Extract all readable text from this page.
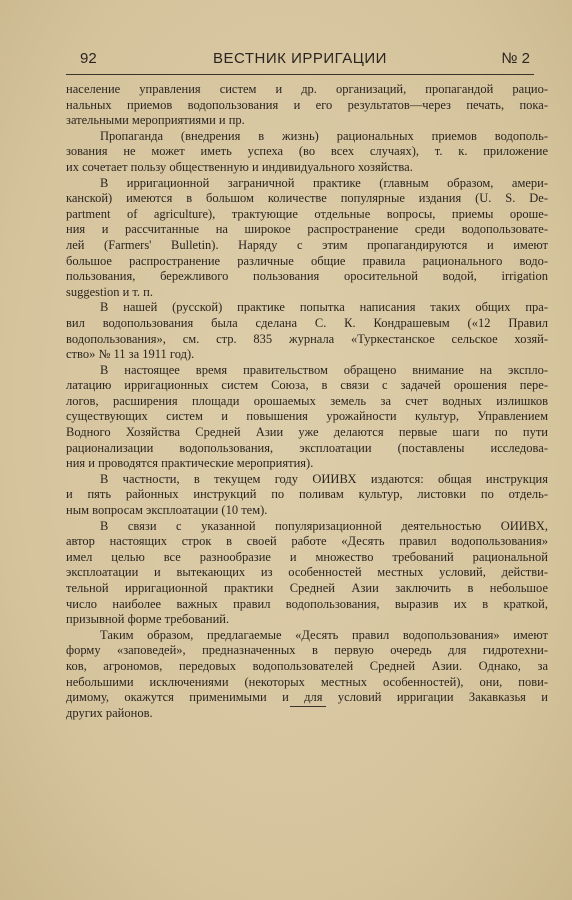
92	ВЕСТНИК ИРРИГАЦИИ	№ 2
население управления систем и др. организаций, пропагандой рацио-
нальных приемов водопользования и его результатов—через печать, пока-
зательными мероприятиями и пр.
Пропаганда (внедрения в жизнь) рациональных приемов водополь-
зования не может иметь успеха (во всех случаях), т. к. приложение
их сочетает пользу общественную и индивидуального хозяйства.
В ирригационной заграничной практике (главным образом, амери-
канской) имеются в большом количестве популярные издания (U. S. De-
partment of agriculture), трактующие отдельные вопросы, приемы ороше-
ния и рассчитанные на широкое распространение среди водопользовате-
лей (Farmers' Bulletin). Наряду с этим пропагандируются и имеют
большое распространение различные общие правила рационального водо-
пользования, бережливого пользования оросительной водой, irrigation
suggestion и т. п.
В нашей (русской) практике попытка написания таких общих пра-
вил водопользования была сделана С. К. Кондрашевым («12 Правил
водопользования», см. стр. 835 журнала «Туркестанское сельское хозяй-
ство» № 11 за 1911 год).
В настоящее время правительством обращено внимание на экспло-
латацию ирригационных систем Союза, в связи с задачей орошения пере-
логов, расширения площади орошаемых земель за счет водных излишков
существующих систем и повышения урожайности культур, Управлением
Водного Хозяйства Средней Азии уже делаются первые шаги по пути
рационализации водопользования, эксплоатации (поставлены исследова-
ния и проводятся практические мероприятия).
В частности, в текущем году ОИИВХ издаются: общая инструкция
и пять районных инструкций по поливам культур, листовки по отдель-
ным вопросам эксплоатации (10 тем).
В связи с указанной популяризационной деятельностью ОИИВХ,
автор настоящих строк в своей работе «Десять правил водопользования»
имел целью все разнообразие и множество требований рациональной
эксплоатации и вытекающих из особенностей местных условий, действи-
тельной ирригационной практики Средней Азии заключить в небольшое
число наиболее важных правил водопользования, выразив их в краткой,
призывной форме требований.
Таким образом, предлагаемые «Десять правил водопользования» имеют
форму «заповедей», предназначенных в первую очередь для гидротехни-
ков, агрономов, передовых водопользователей Средней Азии. Однако, за
небольшими исключениями (некоторых местных особенностей), они, пови-
димому, окажутся применимыми и для условий ирригации Закавказья и
других районов.
